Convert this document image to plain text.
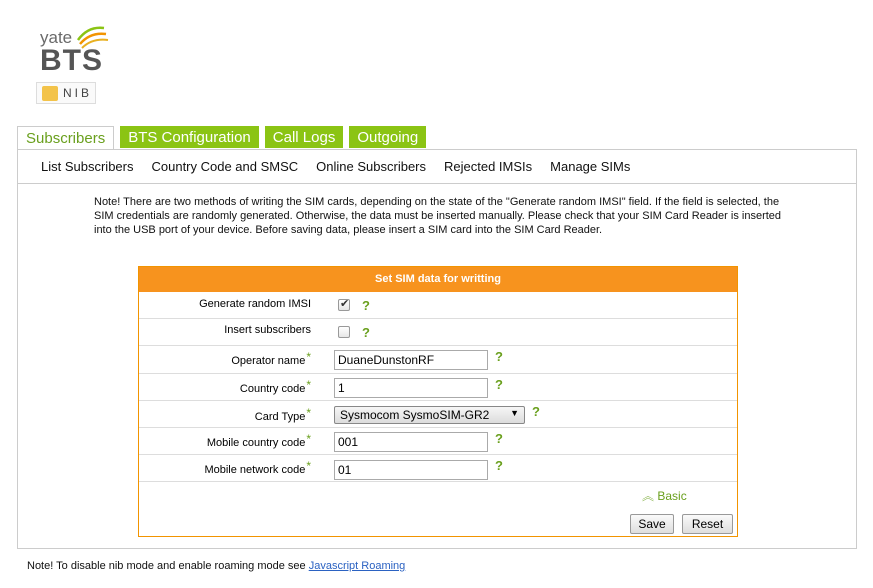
yate
BTS
NIB
Subscribers	BTS Configuration	Call Logs	Outgoing
List Subscribers Country Code and SMSC Online Subscribers Rejected IMSIs Manage SIMs
Note! There are two methods of writing the SIM cards, depending on the state of the "Generate random IMSI" field. If the field is selected, the SIM credentials are randomly generated. Otherwise, the data must be inserted manually. Please check that your SIM Card Reader is inserted into the USB port of your device. Before saving data, please insert a SIM card into the SIM Card Reader.
Set SIM data for writting
Generate random IMSI	✔ ?
Insert subscribers	?
Operator name*	DuaneDunstonRF	?
Country code*	1	?
Card Type*	Sysmocom SysmoSIM-GR2 ▼ ?
Mobile country code*	001	?
Mobile network code*	01	?
︽ Basic
Save	Reset
Note! To disable nib mode and enable roaming mode see Javascript Roaming
